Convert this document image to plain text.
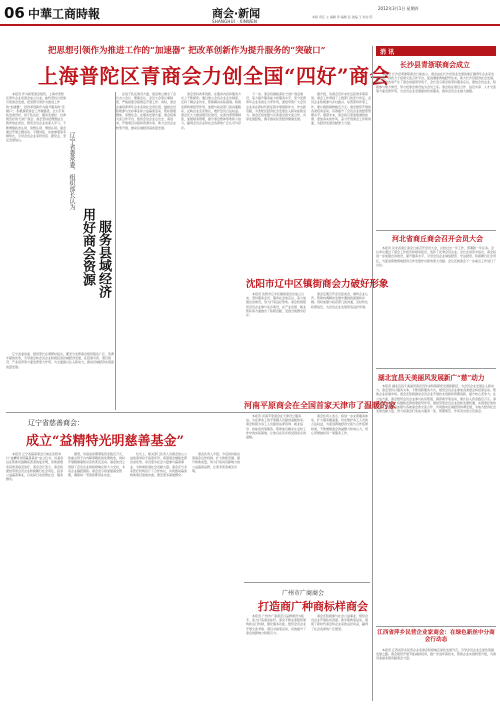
06 中華工商時報	商会·新闻
SHANGHUI · XINWEN
2012年3月1日 星期四
本版 责任 主 编辑 李 编辑 张 美编 王 校对 陈
把思想引领作为推进工作的“加速器” 把改革创新作为提升服务的“突破口”
上海普陀区青商会力创全国“四好”商会

　　本报讯 作为新型商会组织，上海市普陀区青年企业家商会成立以来，始终坚持以党建引领商会发展，把思想引领作为推进工作的“加速器”，把改革创新作为提升服务的“突破口”，积极探索商会工作新路径，全力打造政治建设好、班子队伍好、服务发展好、自律规范好的“四好”商会。商会坚持把理想信念教育放在首位，组织会员企业家深入学习，不断增强政治认同、思想认同、情感认同。商会通过开展主题活动、专题讲座、实地参观等多种形式，引导会员企业家听党话、跟党走，坚定发展信心。

　　在班子队伍建设方面，商会建立健全了会长办公会议、理事会议、会员大会等议事制度，严格按照章程规定开展工作。同时，商会注重培养青年企业家的社会责任感，鼓励会员积极参与光彩事业和公益慈善活动，帮扶困难群体，回馈社会。在服务发展方面，商会搭建交流合作平台，组织会员企业走出去、请进来，开展项目对接和资源共享，助力会员企业转型升级，推动区域经济高质量发展。

　　商会坚持改革创新，在服务内容和服务方式上不断探索。通过建立会员企业走访制度，及时了解企业诉求，帮助解决实际困难。积极发挥桥梁纽带作用，加强与政府部门的沟通联系，反映企业意见建议，维护会员合法权益。商会还大力推进规范化建设，完善内部管理制度，加强财务管理，提升商会整体形象和公信力，赢得会员企业和社会各界的广泛认可与好评。

　　下一步，商会将继续深化“四好”商会建设，着力提升服务能力和服务水平，充分发挥青年企业家的生力军作用，团结带领广大会员企业家在新时代新征程中展现新作为、作出新贡献，为普陀区经济社会发展注入新动能新活力。商会还将加强与兄弟商会的交流合作，共享发展经验，携手推动民营经济健康发展。

　　据介绍，该商会近年来先后获得多项荣誉，商会工作得到了上级部门的充分肯定。会员企业积极参与乡村振兴、东西部协作等工作，累计捐款捐物数百万元。商会组织开展的各类培训活动，有效提升了会员企业的经营管理水平。展望未来，商会将以更加饱满的热情、更加务实的作风，奋力开创商会工作新局面，为经济发展贡献更大力量。

辽宁省委常委、组织部长认为
用好商会资源 服务县域经济

　　辽宁省委常委、组织部长在调研时指出，要充分发挥商会组织联系广泛、资源丰富的优势，引导商会和会员企业积极投身县域经济发展，在招商引资、项目建设、产业培育等方面发挥更大作用，为全面振兴注入新动力，推动县域经济实现高质量发展。

辽宁省慈善商会：
成立“益精特光明慈善基金”

　　本报讯 辽宁省慈善商会日前在沈阳举行“益精特光明慈善基金”成立仪式。该基金旨在帮助贫困眼疾患者恢复光明，资助困难家庭患者接受治疗。商会会长表示，商会将团结带领会员企业积极履行社会责任，投身公益慈善事业，以实际行动回馈社会、服务群众。

　　据悉，该基金首期筹集资金数百万元，将重点用于白内障等眼疾的免费救治，同时开展眼健康知识宣传普及活动。基金的设立得到了会员企业的积极响应和大力支持，多家企业踊跃捐款。商会表示将加强基金管理，确保每一笔善款都用在实处。

　　仪式上，相关部门负责人对商会热心公益的善举给予高度评价，希望商会继续发挥自身优势，动员更多社会力量参与慈善事业，为构建和谐社会贡献力量。商会还与多家医疗机构签订了合作协议，共同推动慈善救助项目落地实施，惠及更多困难群众。

　　商会负责人介绍，今后将持续完善基金运作机制，扩大救助范围，提升救助质量，努力打造具有影响力的公益慈善品牌，让更多患者重见光明。

沈阳市辽中区镇街商会力破好形象

　　本报讯 沈阳市辽中区镇街商会自成立以来，坚持服务会员、服务社会的宗旨，着力加强自身建设，努力打造良好形象。商会积极组织会员企业参与家乡建设，在产业发展、就业帮扶等方面做出了积极贡献，受到当地群众好评。

　　商会定期召开会员座谈会，倾听企业心声，帮助协调解决发展中遇到的困难和问题。同时加强与政府部门的沟通，及时传达政策信息，为会员企业发展营造良好环境。

河南平原商会在全国首家天津市了温暖的家

　　本报讯 河南平原商会在天津设立服务站，为在津务工的平原籍人员提供温暖的家。商会积极为务工人员提供法律咨询、就业指导、技能培训等服务，帮助他们解决生活和工作中的实际困难，让他们在异乡感受到家乡的温暖。

　　商会负责人表示，将进一步完善服务体系，扩大服务覆盖面，切实维护务工人员的合法权益，为促进两地经济交流与合作搭建桥梁，不断增强商会的凝聚力和向心力，用心用情做好每一项服务工作。

广州市广商商会
打造商广种商标样商会

　　本报讯 广州市广商商会以品牌建设为抓手，着力打造商会标杆。商会不断完善组织架构和运行机制，强化服务功能，组织会员企业开展交流考察、项目对接等活动，有效提升了商会的影响力和吸引力。

　　商会还积极参与社会公益事业，组织会员企业开展扶贫济困、助学助教等活动，展现了新时代商会和企业家的良好风采，赢得了社会各界的广泛赞誉。

消 讯
长沙县青浙联商会成立

　　本报讯 长沙县青浙联商会日前成立。商会由在长沙县创业发展的浙江籍青年企业家发起组建，将致力于搭建交流合作平台，促进湘浙两地经贸往来，助力长沙县经济社会发展。成立大会选举产生了商会首届领导班子，会长表示商会将坚持服务宗旨，团结会员企业，积极参与地方建设，努力把商会建设成为会员之家。商会将在项目合作、信息共享、人才交流等方面发挥作用，为会员企业发展提供优质服务，推动会员企业做大做强。

河北省商丘商会召开会员大会

　　本报讯 河北省商丘商会日前召开会员大会，总结过去一年工作，部署新一年任务。会议审议通过了商会工作报告和财务报告，表彰了优秀会员企业。会长在讲话中指出，商会将进一步加强自身建设，提升服务水平，引导会员企业诚信经营、守法经营，积极履行社会责任，为促进冀豫两地经济合作发展作出新的更大贡献。会议还就商会下一步重点工作进行了讨论。

湖北宜昌天美丽风发展新广“慈”动力

　　本报讯 湖北宜昌天美丽风商会近年来积极探索发展新路径，为会员企业发展注入新动力。商会坚持以服务为本，不断创新服务方式，组织会员企业参加各类展会和招商活动，帮助企业拓展市场。商会还积极推动会员企业开展技术创新和管理创新，提升核心竞争力。在公益方面，商会组织会员企业参与扶贫帮困、捐资助学等活动，累计投入资金数百万元。商会负责人表示，将继续发挥桥梁纽带作用，团结带领会员企业抢抓发展机遇，实现更好更快发展。商会还将加强与各地商会的交流合作，共同推动区域经济协调发展，为地方经济社会发展贡献力量，努力将商会打造成为服务一流、管理规范、作用突出的示范商会。

江西省萍乡民营企业家商会：在绿色新丝中分商会行动态

　　本报讯 江西省萍乡民营企业家商会积极响应绿色发展号召，引导会员企业走绿色低碳发展之路。商会组织开展节能减排培训，推广先进环保技术，帮助企业实现转型升级，为建设美丽家园贡献商会力量。
